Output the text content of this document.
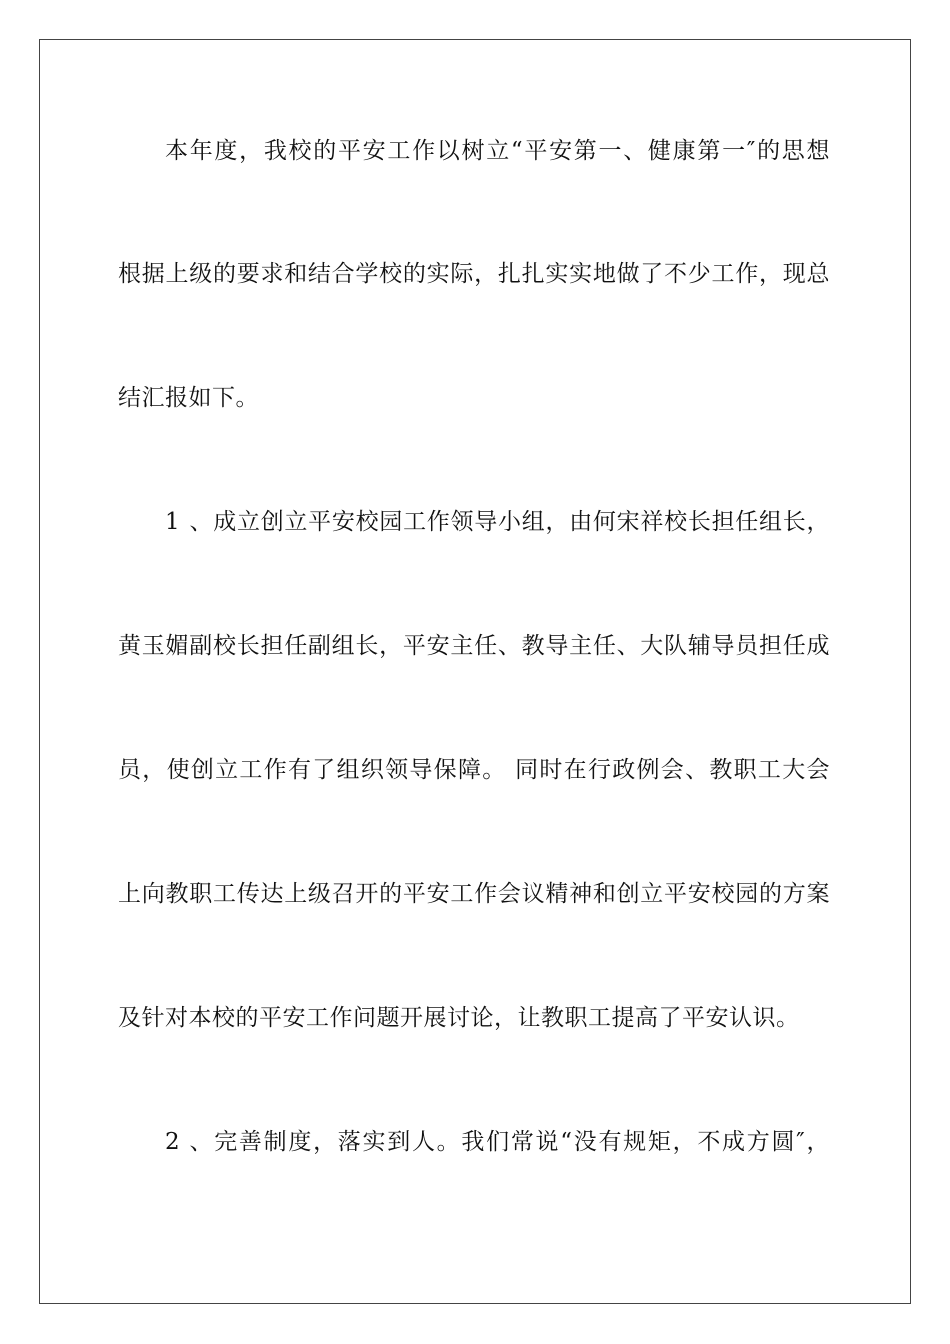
本年度，我校的平安工作以树立“平安第一、健康第一″的思想
根据上级的要求和结合学校的实际，扎扎实实地做了不少工作，现总
结汇报如下。
1、成立创立平安校园工作领导小组，由何宋祥校长担任组长，
黄玉媚副校长担任副组长，平安主任、教导主任、大队辅导员担任成
员，使创立工作有了组织领导保障。 同时在行政例会、教职工大会
上向教职工传达上级召开的平安工作会议精神和创立平安校园的方案
及针对本校的平安工作问题开展讨论，让教职工提高了平安认识。
2、完善制度，落实到人。我们常说“没有规矩，不成方圆″，
